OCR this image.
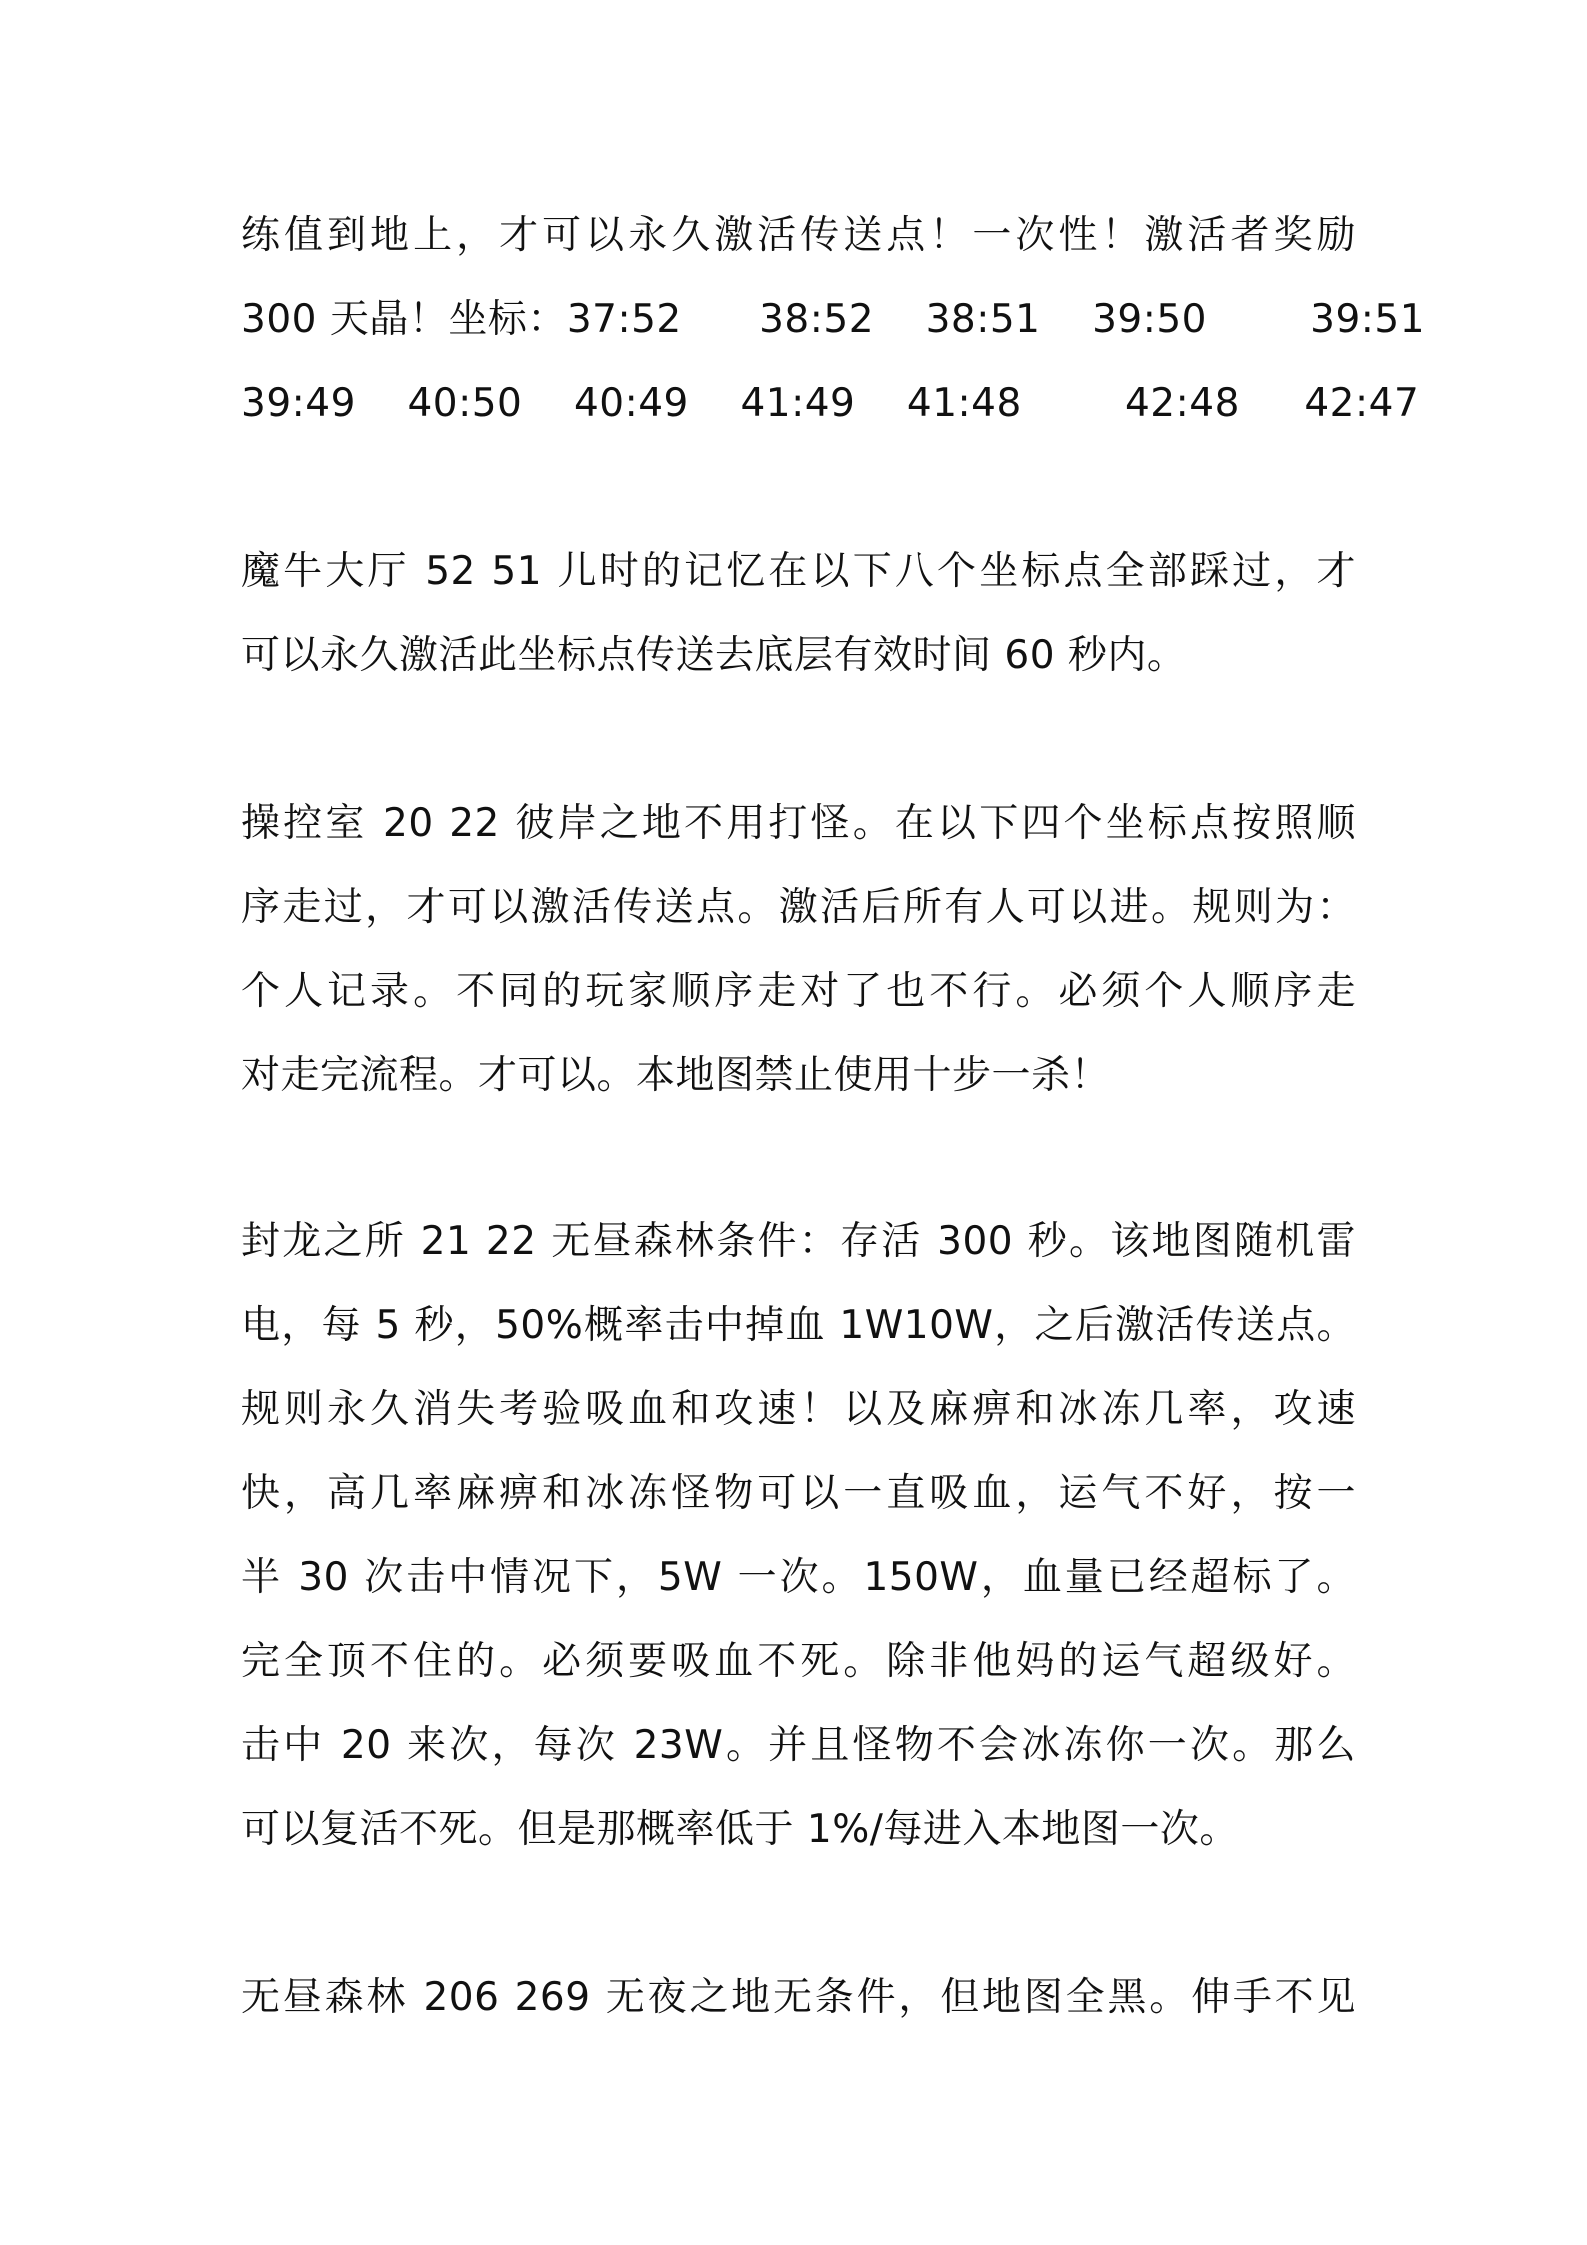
练值到地上，才可以永久激活传送点！一次性！激活者奖励
300 天晶！坐标：37:52      38:52    38:51    39:50        39:51
39:49    40:50    40:49    41:49    41:48        42:48     42:47
魔牛大厅 52 51 儿时的记忆在以下八个坐标点全部踩过，才
可以永久激活此坐标点传送去底层有效时间 60 秒内。
操控室 20 22 彼岸之地不用打怪。在以下四个坐标点按照顺
序走过，才可以激活传送点。激活后所有人可以进。规则为：
个人记录。不同的玩家顺序走对了也不行。必须个人顺序走
对走完流程。才可以。本地图禁止使用十步一杀！
封龙之所 21 22 无昼森林条件：存活 300 秒。该地图随机雷
电，每 5 秒，50%概率击中掉血 1W10W，之后激活传送点。
规则永久消失考验吸血和攻速！以及麻痹和冰冻几率，攻速
快，高几率麻痹和冰冻怪物可以一直吸血，运气不好，按一
半 30 次击中情况下，5W 一次。150W，血量已经超标了。
完全顶不住的。必须要吸血不死。除非他妈的运气超级好。
击中 20 来次，每次 23W。并且怪物不会冰冻你一次。那么
可以复活不死。但是那概率低于 1%/每进入本地图一次。
无昼森林 206 269 无夜之地无条件，但地图全黑。伸手不见
